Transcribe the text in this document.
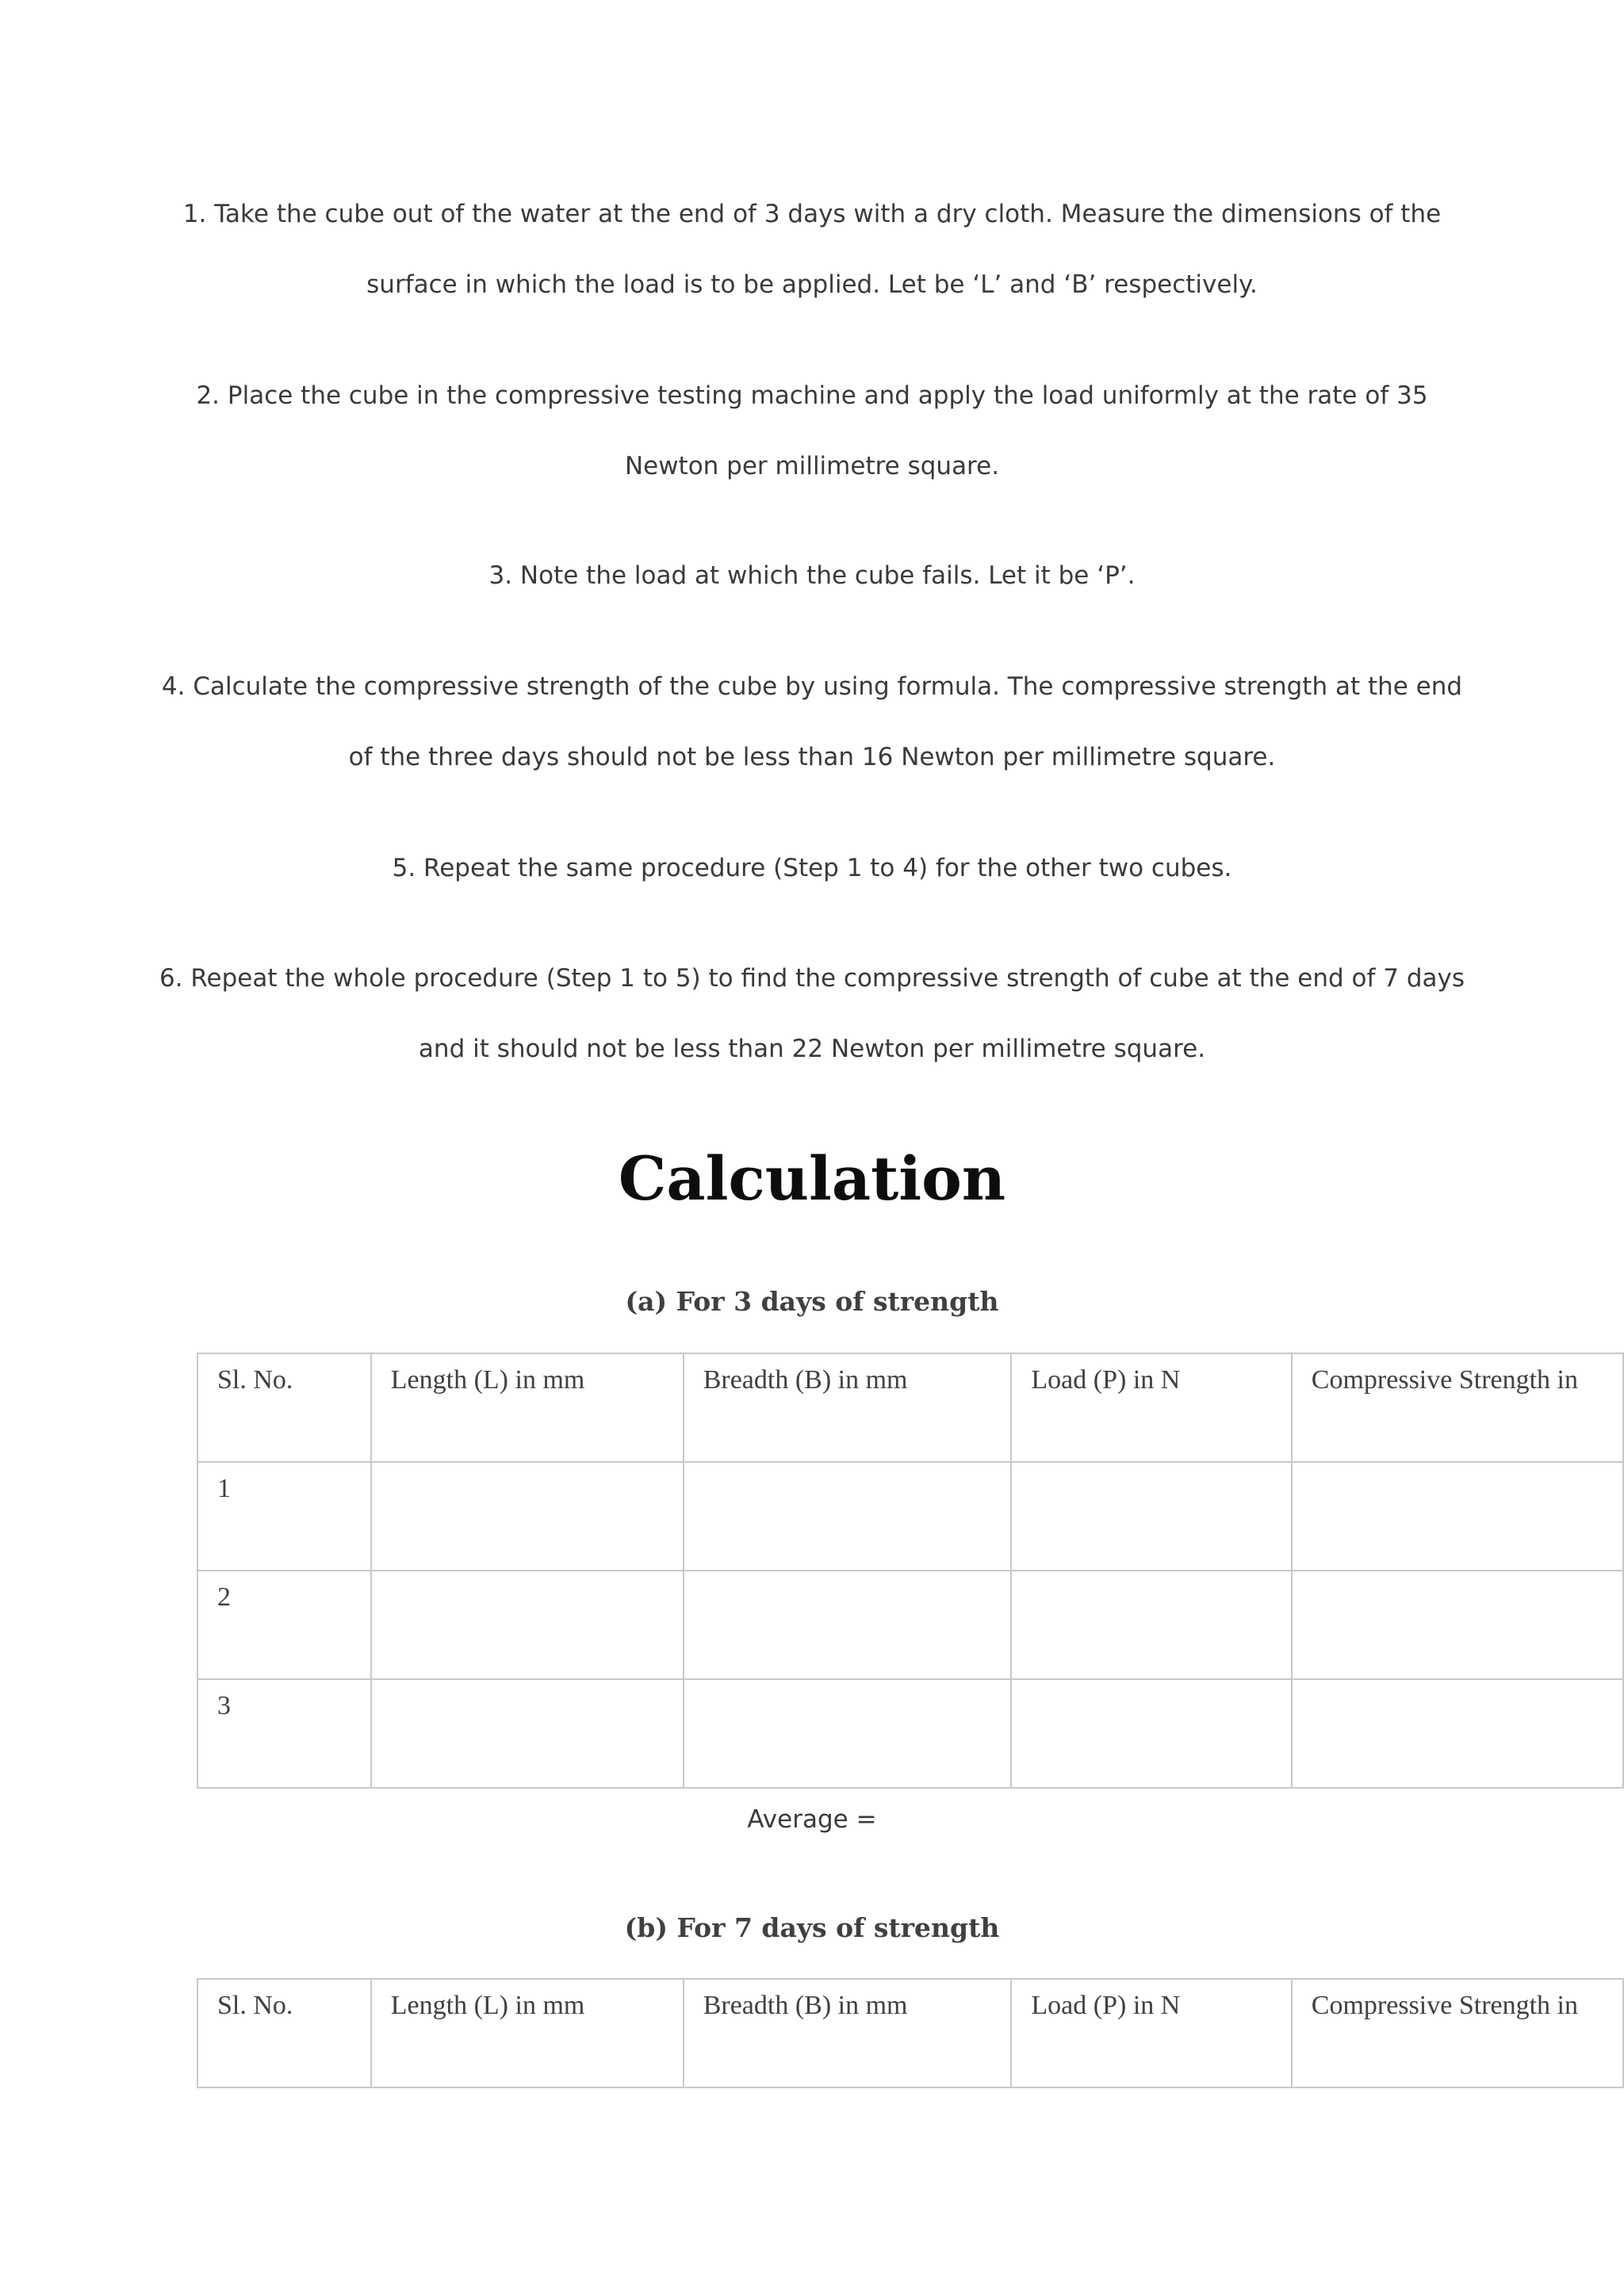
1. Take the cube out of the water at the end of 3 days with a dry cloth. Measure the dimensions of the
surface in which the load is to be applied. Let be ‘L’ and ‘B’ respectively.
2. Place the cube in the compressive testing machine and apply the load uniformly at the rate of 35
Newton per millimetre square.
3. Note the load at which the cube fails. Let it be ‘P’.
4. Calculate the compressive strength of the cube by using formula. The compressive strength at the end
of the three days should not be less than 16 Newton per millimetre square.
5. Repeat the same procedure (Step 1 to 4) for the other two cubes.
6. Repeat the whole procedure (Step 1 to 5) to find the compressive strength of cube at the end of 7 days
and it should not be less than 22 Newton per millimetre square.
Calculation
(a) For 3 days of strength
Sl. No.	Length (L) in mm	Breadth (B) in mm	Load (P) in N	Compressive Strength in
1				
2				
3				
Average =
(b) For 7 days of strength
Sl. No.	Length (L) in mm	Breadth (B) in mm	Load (P) in N	Compressive Strength in
